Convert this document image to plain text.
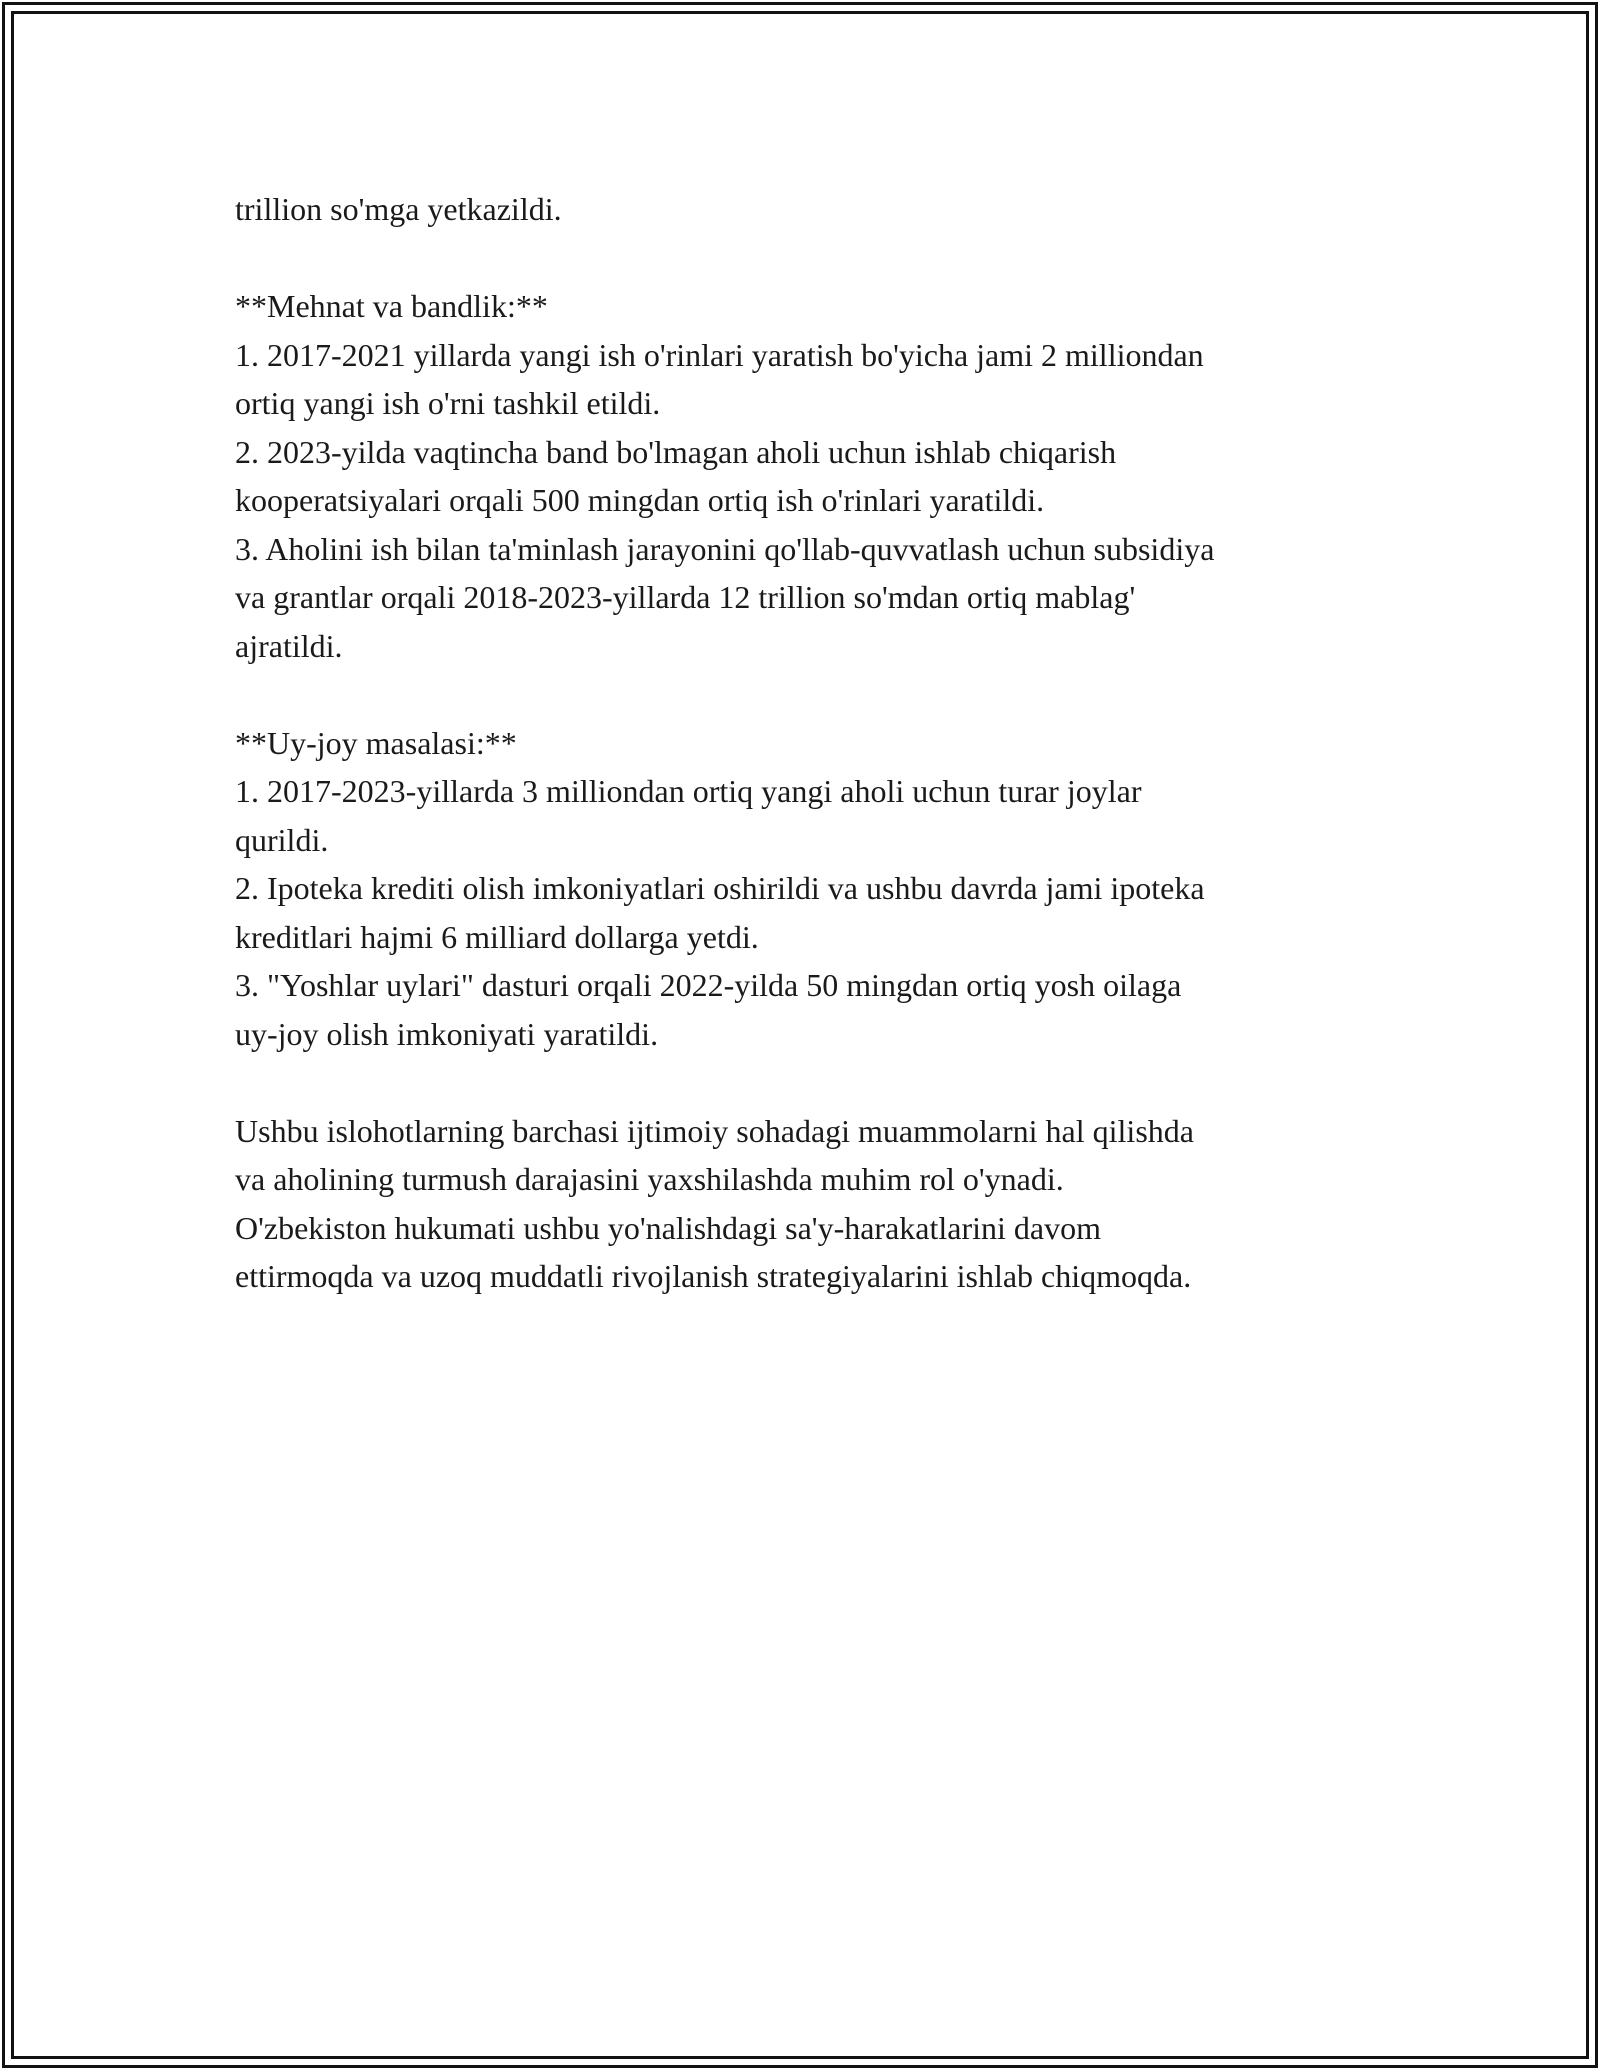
trillion so'mga yetkazildi.
**Mehnat va bandlik:**
1. 2017-2021 yillarda yangi ish o'rinlari yaratish bo'yicha jami 2 milliondan
ortiq yangi ish o'rni tashkil etildi.
2. 2023-yilda vaqtincha band bo'lmagan aholi uchun ishlab chiqarish
kooperatsiyalari orqali 500 mingdan ortiq ish o'rinlari yaratildi.
3. Aholini ish bilan ta'minlash jarayonini qo'llab-quvvatlash uchun subsidiya
va grantlar orqali 2018-2023-yillarda 12 trillion so'mdan ortiq mablag'
ajratildi.
**Uy-joy masalasi:**
1. 2017-2023-yillarda 3 milliondan ortiq yangi aholi uchun turar joylar
qurildi.
2. Ipoteka krediti olish imkoniyatlari oshirildi va ushbu davrda jami ipoteka
kreditlari hajmi 6 milliard dollarga yetdi.
3. "Yoshlar uylari" dasturi orqali 2022-yilda 50 mingdan ortiq yosh oilaga
uy-joy olish imkoniyati yaratildi.
Ushbu islohotlarning barchasi ijtimoiy sohadagi muammolarni hal qilishda
va aholining turmush darajasini yaxshilashda muhim rol o'ynadi.
O'zbekiston hukumati ushbu yo'nalishdagi sa'y-harakatlarini davom
ettirmoqda va uzoq muddatli rivojlanish strategiyalarini ishlab chiqmoqda.
